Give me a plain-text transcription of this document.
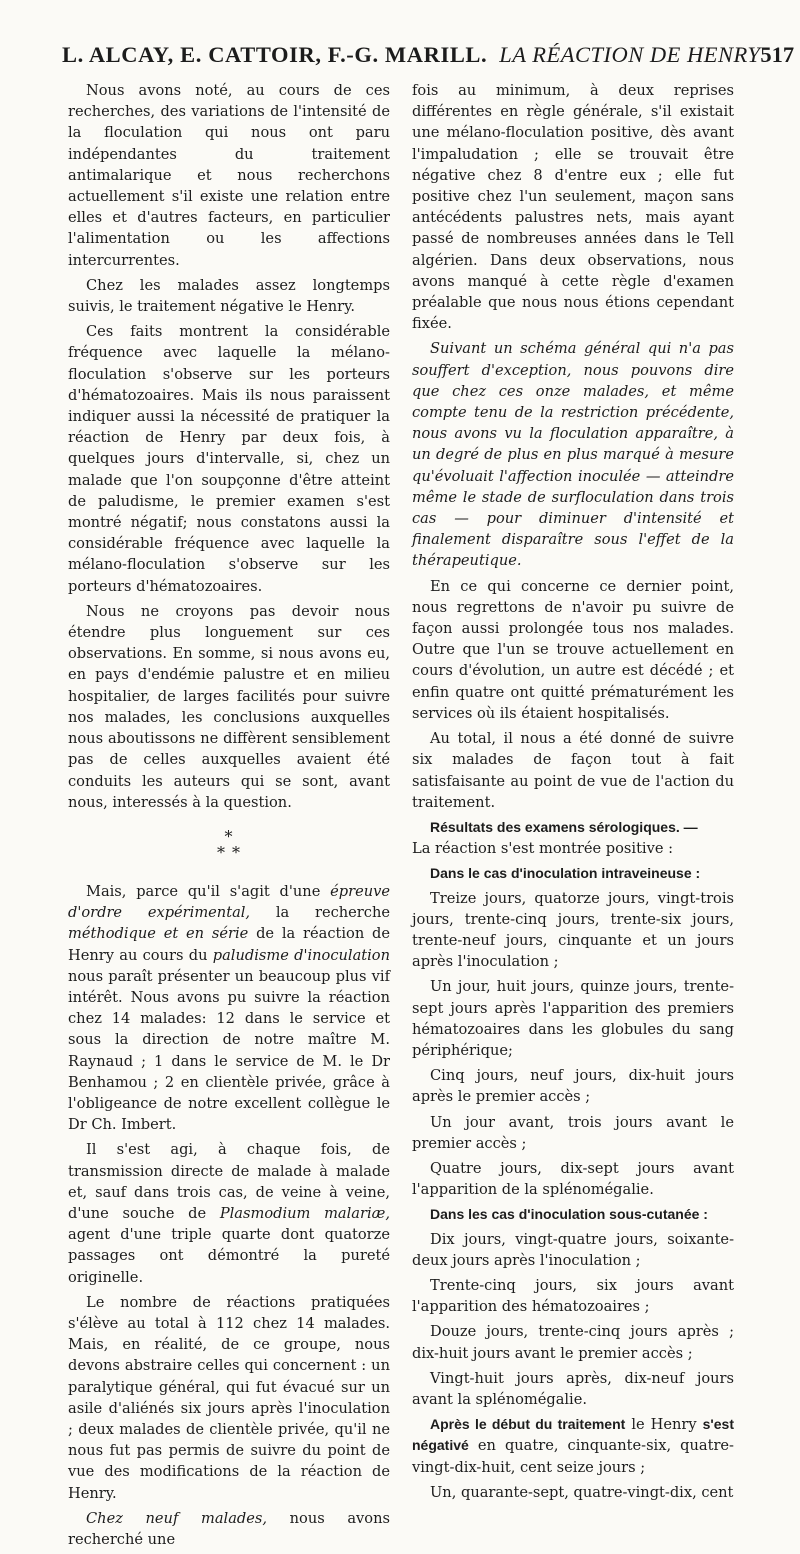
L. ALCAY, E. CATTOIR, F.-G. MARILL. LA RÉACTION DE HENRY 517

Nous avons noté, au cours de ces recherches, des variations de l'intensité de la floculation qui nous ont paru indépendantes du traitement antimalarique et nous recherchons actuellement s'il existe une relation entre elles et d'autres facteurs, en particulier l'alimentation ou les affections intercurrentes.

Chez les malades assez longtemps suivis, le traitement négative le Henry.

Ces faits montrent la considérable fréquence avec laquelle la mélano-floculation s'observe sur les porteurs d'hématozoaires. Mais ils nous paraissent indiquer aussi la nécessité de pratiquer la réaction de Henry par deux fois, à quelques jours d'intervalle, si, chez un malade que l'on soupçonne d'être atteint de paludisme, le premier examen s'est montré négatif; nous constatons aussi la considérable fréquence avec laquelle la mélano-floculation s'observe sur les porteurs d'hématozoaires.

Nous ne croyons pas devoir nous étendre plus longuement sur ces observations. En somme, si nous avons eu, en pays d'endémie palustre et en milieu hospitalier, de larges facilités pour suivre nos malades, les conclusions auxquelles nous aboutissons ne diffèrent sensiblement pas de celles auxquelles avaient été conduits les auteurs qui se sont, avant nous, interessés à la question.

*
* *

Mais, parce qu'il s'agit d'une épreuve d'ordre expérimental, la recherche méthodique et en série de la réaction de Henry au cours du paludisme d'inoculation nous paraît présenter un beaucoup plus vif intérêt. Nous avons pu suivre la réaction chez 14 malades: 12 dans le service et sous la direction de notre maître M. Raynaud ; 1 dans le service de M. le Dr Benhamou ; 2 en clientèle privée, grâce à l'obligeance de notre excellent collègue le Dr Ch. Imbert.

Il s'est agi, à chaque fois, de transmission directe de malade à malade et, sauf dans trois cas, de veine à veine, d'une souche de Plasmodium malariæ, agent d'une triple quarte dont quatorze passages ont démontré la pureté originelle.

Le nombre de réactions pratiquées s'élève au total à 112 chez 14 malades. Mais, en réalité, de ce groupe, nous devons abstraire celles qui concernent : un paralytique général, qui fut évacué sur un asile d'aliénés six jours après l'inoculation ; deux malades de clientèle privée, qu'il ne nous fut pas permis de suivre du point de vue des modifications de la réaction de Henry.

Chez neuf malades, nous avons recherché une

fois au minimum, à deux reprises différentes en règle générale, s'il existait une mélano-floculation positive, dès avant l'impaludation ; elle se trouvait être négative chez 8 d'entre eux ; elle fut positive chez l'un seulement, maçon sans antécédents palustres nets, mais ayant passé de nombreuses années dans le Tell algérien. Dans deux observations, nous avons manqué à cette règle d'examen préalable que nous nous étions cependant fixée.

Suivant un schéma général qui n'a pas souffert d'exception, nous pouvons dire que chez ces onze malades, et même compte tenu de la restriction précédente, nous avons vu la floculation apparaître, à un degré de plus en plus marqué à mesure qu'évoluait l'affection inoculée — atteindre même le stade de surfloculation dans trois cas — pour diminuer d'intensité et finalement disparaître sous l'effet de la thérapeutique.

En ce qui concerne ce dernier point, nous regrettons de n'avoir pu suivre de façon aussi prolongée tous nos malades. Outre que l'un se trouve actuellement en cours d'évolution, un autre est décédé ; et enfin quatre ont quitté prématurément les services où ils étaient hospitalisés.

Au total, il nous a été donné de suivre six malades de façon tout à fait satisfaisante au point de vue de l'action du traitement.

Résultats des examens sérologiques. —
La réaction s'est montrée positive :

Dans le cas d'inoculation intraveineuse :

Treize jours, quatorze jours, vingt-trois jours, trente-cinq jours, trente-six jours, trente-neuf jours, cinquante et un jours après l'inoculation ;

Un jour, huit jours, quinze jours, trente-sept jours après l'apparition des premiers hématozoaires dans les globules du sang périphérique;

Cinq jours, neuf jours, dix-huit jours après le premier accès ;

Un jour avant, trois jours avant le premier accès ;

Quatre jours, dix-sept jours avant l'apparition de la splénomégalie.

Dans les cas d'inoculation sous-cutanée :

Dix jours, vingt-quatre jours, soixante-deux jours après l'inoculation ;

Trente-cinq jours, six jours avant l'apparition des hématozoaires ;

Douze jours, trente-cinq jours après ; dix-huit jours avant le premier accès ;

Vingt-huit jours après, dix-neuf jours avant la splénomégalie.

Après le début du traitement le Henry s'est négativé en quatre, cinquante-six, quatre-vingt-dix-huit, cent seize jours ;

Un, quarante-sept, quatre-vingt-dix, cent
